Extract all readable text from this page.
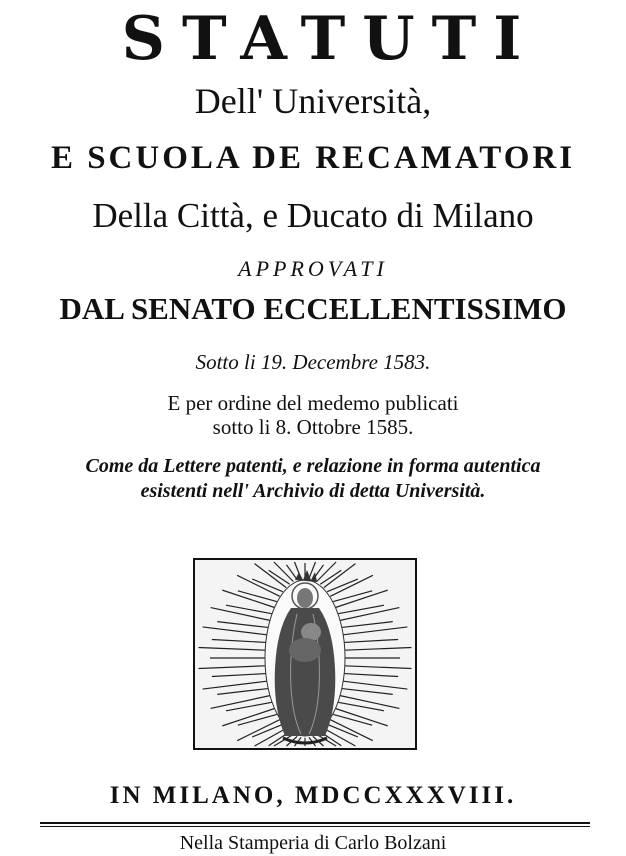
STATUTI
Dell' Università,
E SCUOLA DE RECAMATORI
Della Città, e Ducato di Milano
APPROVATI
DAL SENATO ECCELLENTISSIMO
Sotto li 19. Decembre 1583.
E per ordine del medemo publicati
sotto li 8. Ottobre 1585.
Come da Lettere patenti, e relazione in forma autentica
esistenti nell' Archivio di detta Università.
IN MILANO, MDCCXXXVIII.
Nella Stamperia di Carlo Bolzani
